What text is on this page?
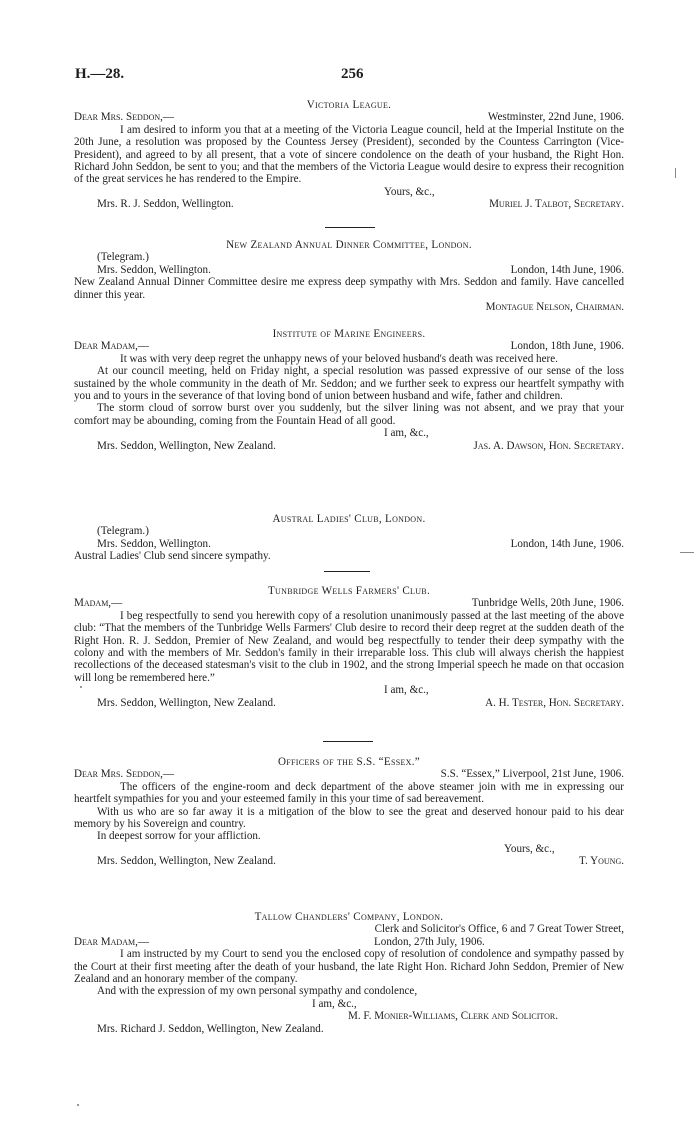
H.—28.	256
Victoria League.
Dear Mrs. Seddon,—	Westminster, 22nd June, 1906.
I am desired to inform you that at a meeting of the Victoria League council, held at the Imperial Institute on the 20th June, a resolution was proposed by the Countess Jersey (President), seconded by the Countess Carrington (Vice-President), and agreed to by all present, that a vote of sincere condolence on the death of your husband, the Right Hon. Richard John Seddon, be sent to you; and that the members of the Victoria League would desire to express their recognition of the great services he has rendered to the Empire.
Yours, &c.,
Mrs. R. J. Seddon, Wellington.	Muriel J. Talbot, Secretary.
New Zealand Annual Dinner Committee, London.
(Telegram.)
Mrs. Seddon, Wellington.	London, 14th June, 1906.
New Zealand Annual Dinner Committee desire me express deep sympathy with Mrs. Seddon and family. Have cancelled dinner this year.
Montague Nelson, Chairman.
Institute of Marine Engineers.
Dear Madam,—	London, 18th June, 1906.
It was with very deep regret the unhappy news of your beloved husband's death was received here.
At our council meeting, held on Friday night, a special resolution was passed expressive of our sense of the loss sustained by the whole community in the death of Mr. Seddon; and we further seek to express our heartfelt sympathy with you and to yours in the severance of that loving bond of union between husband and wife, father and children.
The storm cloud of sorrow burst over you suddenly, but the silver lining was not absent, and we pray that your comfort may be abounding, coming from the Fountain Head of all good.
I am, &c.,
Mrs. Seddon, Wellington, New Zealand.	Jas. A. Dawson, Hon. Secretary.
Austral Ladies' Club, London.
(Telegram.)
Mrs. Seddon, Wellington.	London, 14th June, 1906.
Austral Ladies' Club send sincere sympathy.
Tunbridge Wells Farmers' Club.
Madam,—	Tunbridge Wells, 20th June, 1906.
I beg respectfully to send you herewith copy of a resolution unanimously passed at the last meeting of the above club: “That the members of the Tunbridge Wells Farmers' Club desire to record their deep regret at the sudden death of the Right Hon. R. J. Seddon, Premier of New Zealand, and would beg respectfully to tender their deep sympathy with the colony and with the members of Mr. Seddon's family in their irreparable loss. This club will always cherish the happiest recollections of the deceased statesman's visit to the club in 1902, and the strong Imperial speech he made on that occasion will long be remembered here.”
I am, &c.,
Mrs. Seddon, Wellington, New Zealand.	A. H. Tester, Hon. Secretary.
Officers of the S.S. “Essex.”
Dear Mrs. Seddon,—	S.S. “Essex,” Liverpool, 21st June, 1906.
The officers of the engine-room and deck department of the above steamer join with me in expressing our heartfelt sympathies for you and your esteemed family in this your time of sad bereavement.
With us who are so far away it is a mitigation of the blow to see the great and deserved honour paid to his dear memory by his Sovereign and country.
In deepest sorrow for your affliction.
Yours, &c.,
Mrs. Seddon, Wellington, New Zealand.	T. Young.
Tallow Chandlers' Company, London.
Clerk and Solicitor's Office, 6 and 7 Great Tower Street,
Dear Madam,—	London, 27th July, 1906.
I am instructed by my Court to send you the enclosed copy of resolution of condolence and sympathy passed by the Court at their first meeting after the death of your husband, the late Right Hon. Richard John Seddon, Premier of New Zealand and an honorary member of the company.
And with the expression of my own personal sympathy and condolence,
I am, &c.,
M. F. Monier-Williams, Clerk and Solicitor.
Mrs. Richard J. Seddon, Wellington, New Zealand.
